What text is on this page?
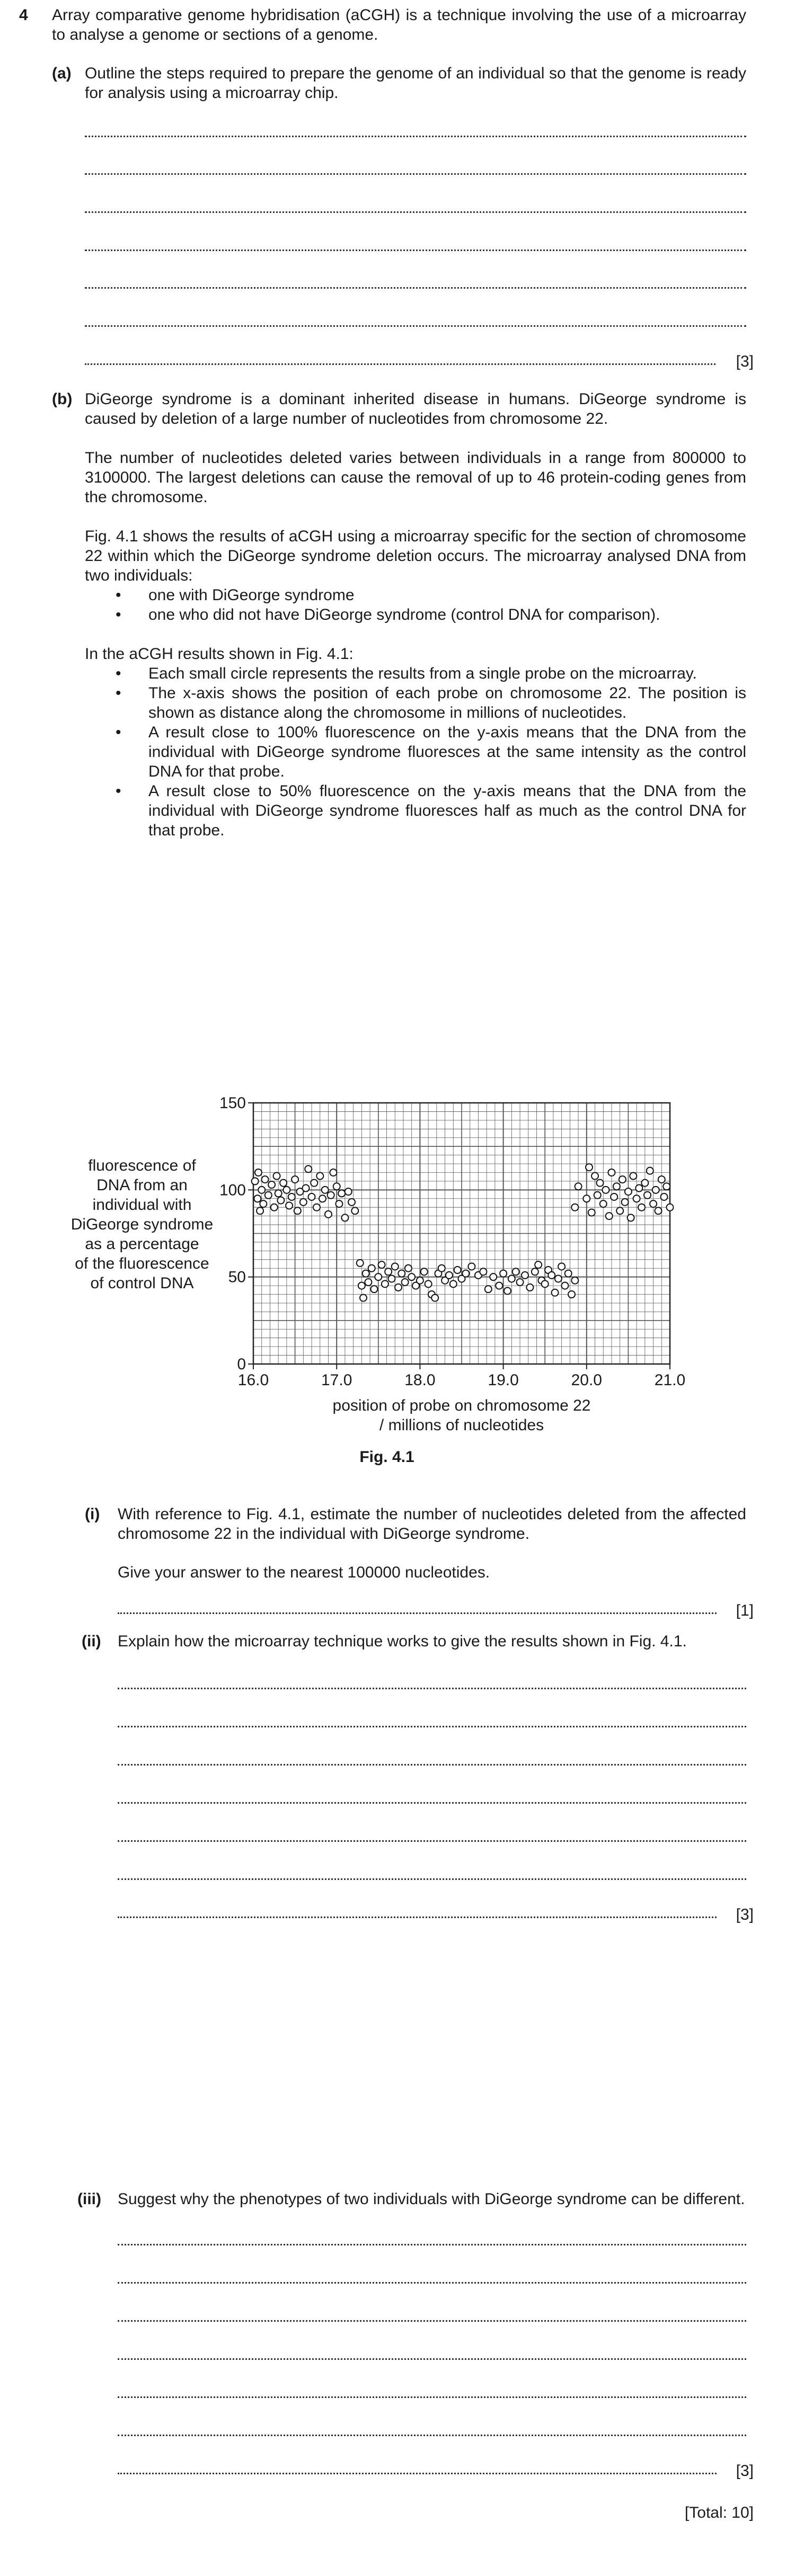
4 Array comparative genome hybridisation (aCGH) is a technique involving the use of a microarray to analyse a genome or sections of a genome.
(a) Outline the steps required to prepare the genome of an individual so that the genome is ready for analysis using a microarray chip.
[3]
(b) DiGeorge syndrome is a dominant inherited disease in humans. DiGeorge syndrome is caused by deletion of a large number of nucleotides from chromosome 22.
The number of nucleotides deleted varies between individuals in a range from 800000 to 3100000. The largest deletions can cause the removal of up to 46 protein-coding genes from the chromosome.
Fig. 4.1 shows the results of aCGH using a microarray specific for the section of chromosome 22 within which the DiGeorge syndrome deletion occurs. The microarray analysed DNA from two individuals:
• one with DiGeorge syndrome
• one who did not have DiGeorge syndrome (control DNA for comparison).
In the aCGH results shown in Fig. 4.1:
• Each small circle represents the results from a single probe on the microarray.
• The x-axis shows the position of each probe on chromosome 22. The position is shown as distance along the chromosome in millions of nucleotides.
• A result close to 100% fluorescence on the y-axis means that the DNA from the individual with DiGeorge syndrome fluoresces at the same intensity as the control DNA for that probe.
• A result close to 50% fluorescence on the y-axis means that the DNA from the individual with DiGeorge syndrome fluoresces half as much as the control DNA for that probe.
16.0	17.0	18.0	19.0	20.0	21.0
0
50
100
150
fluorescence of DNA from an individual with DiGeorge syndrome as a percentage of the fluorescence of control DNA
position of probe on chromosome 22 / millions of nucleotides
Fig. 4.1
(i) With reference to Fig. 4.1, estimate the number of nucleotides deleted from the affected chromosome 22 in the individual with DiGeorge syndrome.
Give your answer to the nearest 100000 nucleotides.
[1]
(ii) Explain how the microarray technique works to give the results shown in Fig. 4.1.
[3]
(iii) Suggest why the phenotypes of two individuals with DiGeorge syndrome can be different.
[3]
[Total: 10]
